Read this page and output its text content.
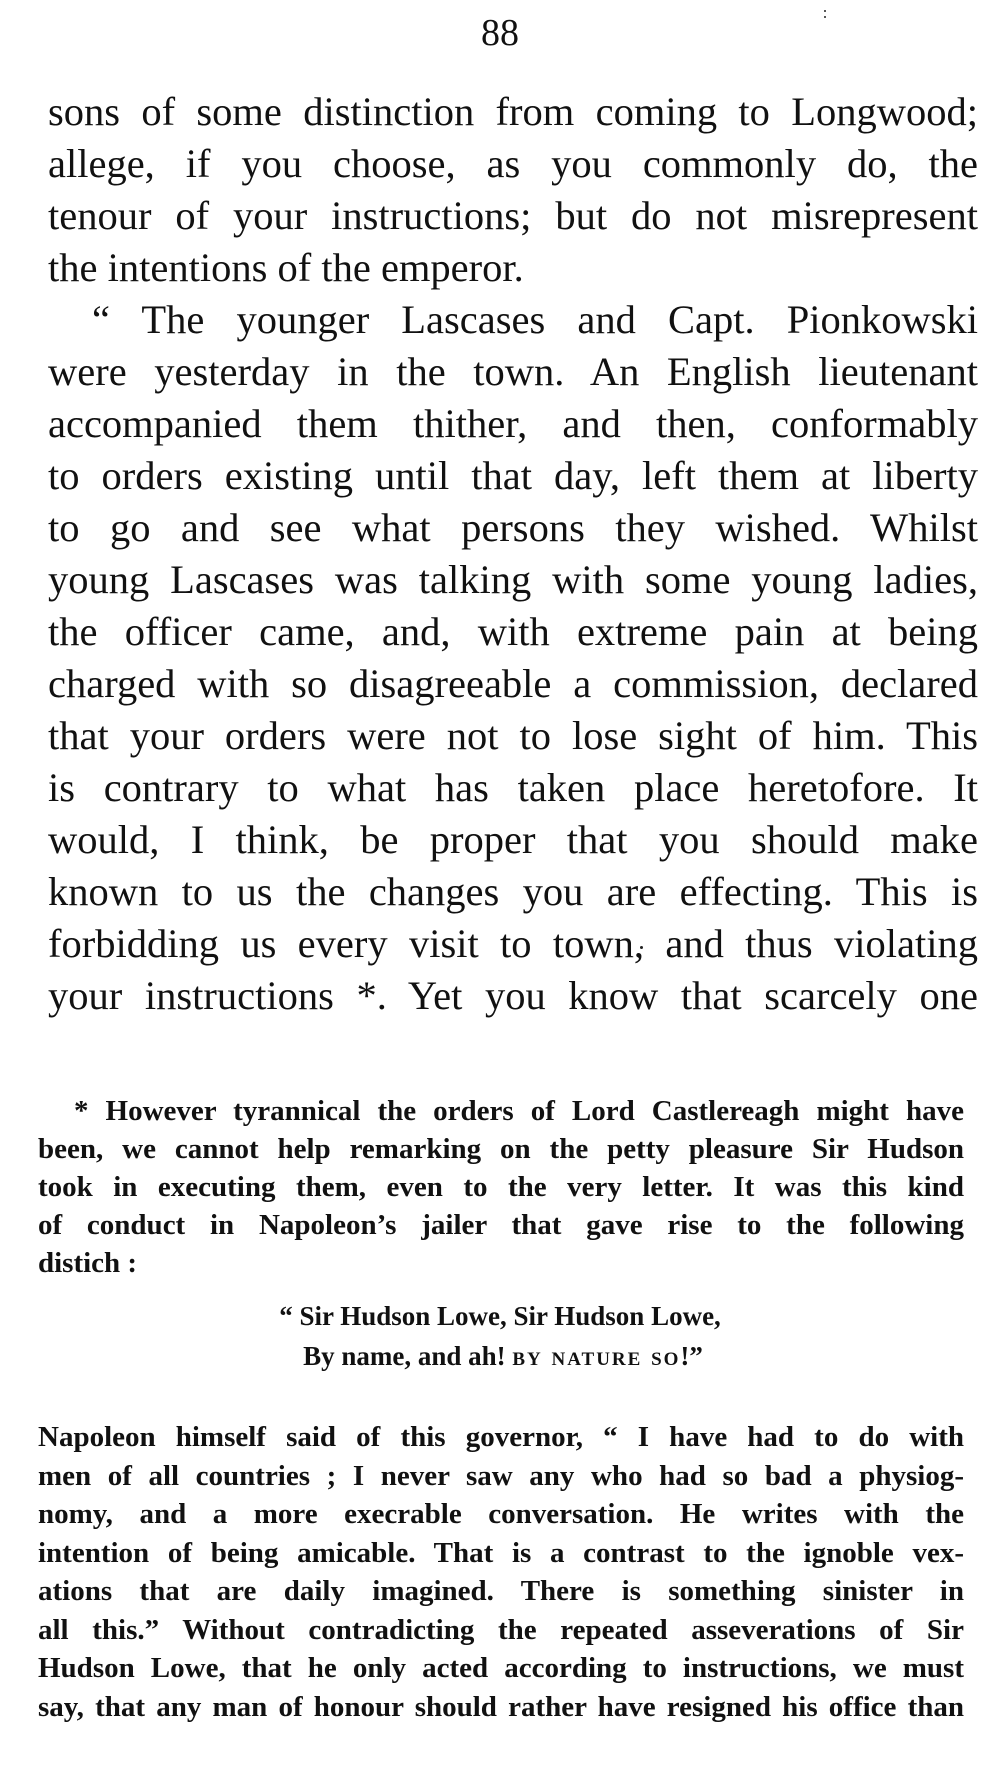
88
sons of some distinction from coming to Longwood;
allege, if you choose, as you commonly do, the
tenour of your instructions; but do not misrepresent
the intentions of the emperor.
“ The younger Lascases and Capt. Pionkowski
were yesterday in the town. An English lieutenant
accompanied them thither, and then, conformably
to orders existing until that day, left them at liberty
to go and see what persons they wished. Whilst
young Lascases was talking with some young ladies,
the officer came, and, with extreme pain at being
charged with so disagreeable a commission, declared
that your orders were not to lose sight of him. This
is contrary to what has taken place heretofore. It
would, I think, be proper that you should make
known to us the changes you are effecting. This is
forbidding us every visit to town, and thus violating
your instructions *. Yet you know that scarcely one
* However tyrannical the orders of Lord Castlereagh might have
been, we cannot help remarking on the petty pleasure Sir Hudson
took in executing them, even to the very letter. It was this kind
of conduct in Napoleon’s jailer that gave rise to the following
distich :
“ Sir Hudson Lowe, Sir Hudson Lowe,
By name, and ah! by nature so!”
Napoleon himself said of this governor, “ I have had to do with
men of all countries ; I never saw any who had so bad a physiog-
nomy, and a more execrable conversation. He writes with the
intention of being amicable. That is a contrast to the ignoble vex-
ations that are daily imagined. There is something sinister in
all this.” Without contradicting the repeated asseverations of Sir
Hudson Lowe, that he only acted according to instructions, we must
say, that any man of honour should rather have resigned his office than
